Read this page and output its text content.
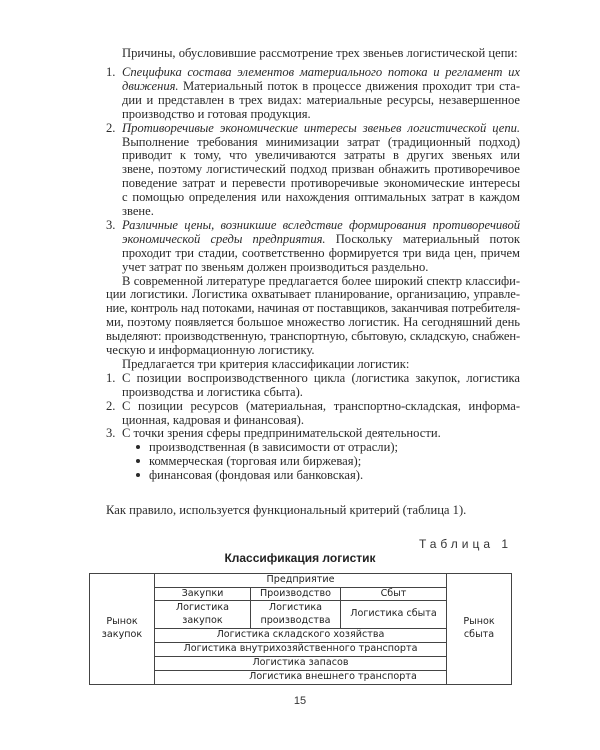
Причины, обусловившие рассмотрение трех звеньев логистической цепи:
1. Специфика состава элементов материального потока и регламент их
движения. Материальный поток в процессе движения проходит три ста-
дии и представлен в трех видах: материальные ресурсы, незавершенное
производство и готовая продукция.
2. Противоречивые экономические интересы звеньев логистической цепи.
Выполнение требования минимизации затрат (традиционный подход)
приводит к тому, что увеличиваются затраты в других звеньях или
звене, поэтому логистический подход призван обнажить противоречивое
поведение затрат и перевести противоречивые экономические интересы
с помощью определения или нахождения оптимальных затрат в каждом
звене.
3. Различные цены, возникшие вследствие формирования противоречивой
экономической среды предприятия. Поскольку материальный поток
проходит три стадии, соответственно формируется три вида цен, причем
учет затрат по звеньям должен производиться раздельно.
В современной литературе предлагается более широкий спектр классифи-
ции логистики. Логистика охватывает планирование, организацию, управле-
ние, контроль над потоками, начиная от поставщиков, заканчивая потребителя-
ми, поэтому появляется большое множество логистик. На сегодняшний день
выделяют: производственную, транспортную, сбытовую, складскую, снабжен-
ческую и информационную логистику.
Предлагается три критерия классификации логистик:
1. С позиции воспроизводственного цикла (логистика закупок, логистика
производства и логистика сбыта).
2. С позиции ресурсов (материальная, транспортно-складская, информа-
ционная, кадровая и финансовая).
3. С точки зрения сферы предпринимательской деятельности.
производственная (в зависимости от отрасли);
коммерческая (торговая или биржевая);
финансовая (фондовая или банковская).
Как правило, используется функциональный критерий (таблица 1).
Таблица 1
Классификация логистик
Рынок закупок	Предприятие			Рынок сбыта
	Закупки	Производство	Сбыт	
	Логистика закупок	Логистика производства	Логистика сбыта	
	Логистика складского хозяйства			
	Логистика внутрихозяйственного транспорта			
	Логистика запасов			
	Логистика внешнего транспорта			
15
